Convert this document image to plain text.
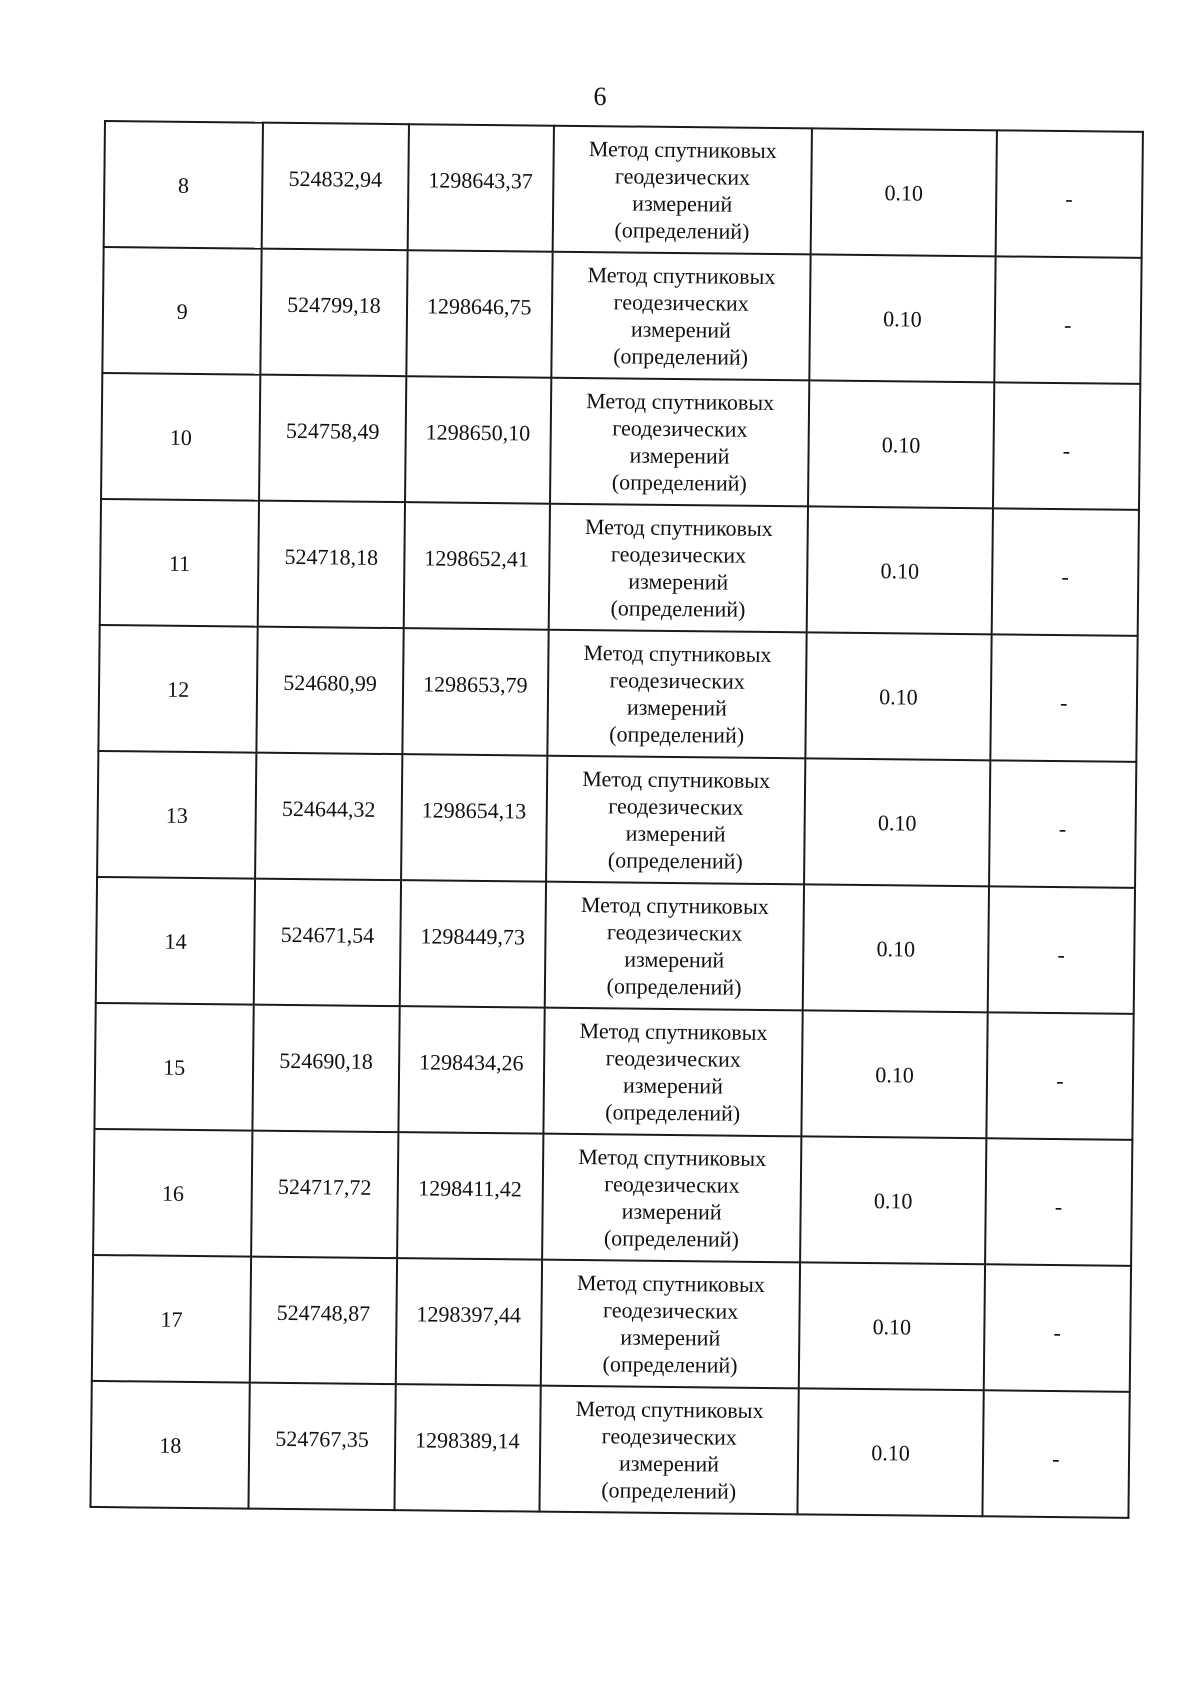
6
8	524832,94	1298643,37	Метод спутниковых
геодезических
измерений
(определений)	0.10	-
9	524799,18	1298646,75	Метод спутниковых
геодезических
измерений
(определений)	0.10	-
10	524758,49	1298650,10	Метод спутниковых
геодезических
измерений
(определений)	0.10	-
11	524718,18	1298652,41	Метод спутниковых
геодезических
измерений
(определений)	0.10	-
12	524680,99	1298653,79	Метод спутниковых
геодезических
измерений
(определений)	0.10	-
13	524644,32	1298654,13	Метод спутниковых
геодезических
измерений
(определений)	0.10	-
14	524671,54	1298449,73	Метод спутниковых
геодезических
измерений
(определений)	0.10	-
15	524690,18	1298434,26	Метод спутниковых
геодезических
измерений
(определений)	0.10	-
16	524717,72	1298411,42	Метод спутниковых
геодезических
измерений
(определений)	0.10	-
17	524748,87	1298397,44	Метод спутниковых
геодезических
измерений
(определений)	0.10	-
18	524767,35	1298389,14	Метод спутниковых
геодезических
измерений
(определений)	0.10	-
